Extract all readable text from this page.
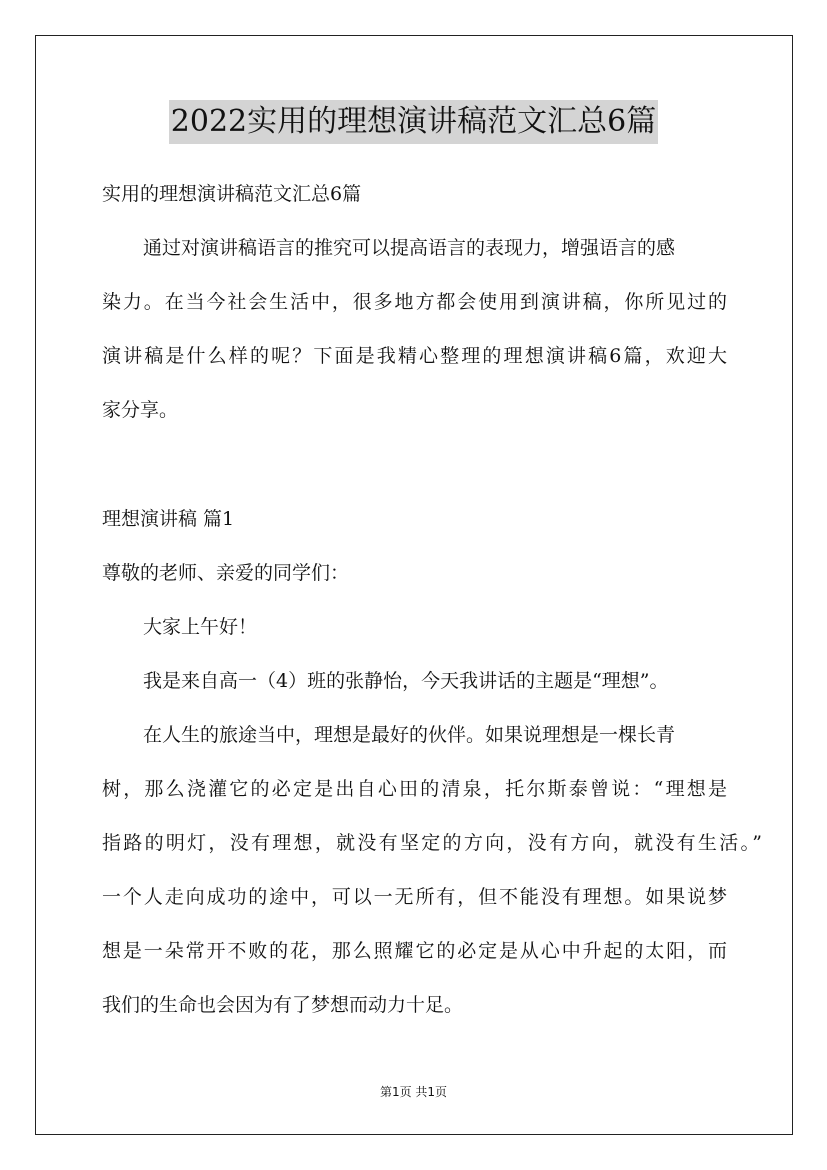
2022实用的理想演讲稿范文汇总6篇
实用的理想演讲稿范文汇总6篇
通过对演讲稿语言的推究可以提高语言的表现力，增强语言的感
染力。在当今社会生活中，很多地方都会使用到演讲稿，你所见过的
演讲稿是什么样的呢？下面是我精心整理的理想演讲稿6篇，欢迎大
家分享。
理想演讲稿 篇1
尊敬的老师、亲爱的同学们：
大家上午好！
我是来自高一（4）班的张静怡，今天我讲话的主题是“理想”。
在人生的旅途当中，理想是最好的伙伴。如果说理想是一棵长青
树，那么浇灌它的必定是出自心田的清泉，托尔斯泰曾说：“理想是
指路的明灯，没有理想，就没有坚定的方向，没有方向，就没有生活。”
一个人走向成功的途中，可以一无所有，但不能没有理想。如果说梦
想是一朵常开不败的花，那么照耀它的必定是从心中升起的太阳，而
我们的生命也会因为有了梦想而动力十足。
第1页 共1页
